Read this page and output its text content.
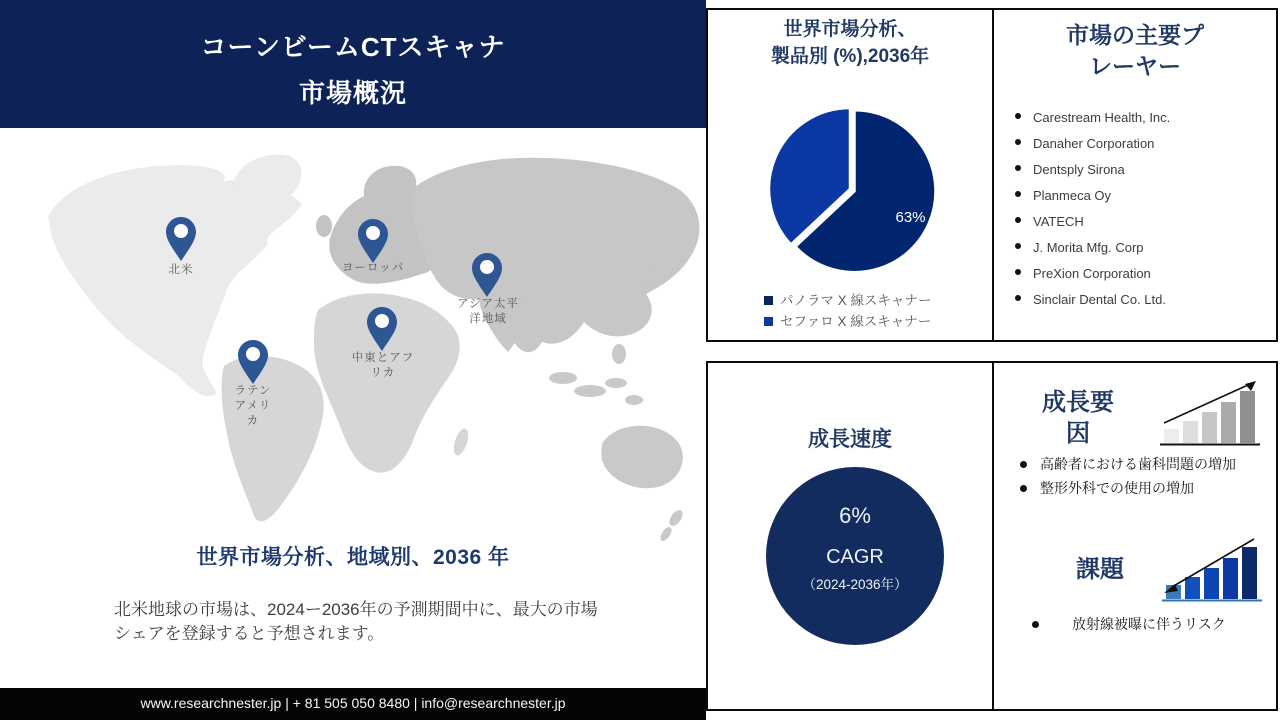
コーンビームCTスキャナ
市場概況
北米	ヨーロッパ
アジア太平洋地域
中東とアフリカ
ラテンアメリカ
世界市場分析、地域別、2036 年
北米地球の市場は、2024ー2036年の予測期間中に、最大の市場
シェアを登録すると予想されます。
www.researchnester.jp | + 81 505 050 8480 | info@researchnester.jp
世界市場分析、
製品別 (%),2036年
63%
パノラマ X 線スキャナー
セファロ X 線スキャナー
市場の主要プ
レーヤー
Carestream Health, Inc.
Danaher Corporation
Dentsply Sirona
Planmeca Oy
VATECH
J. Morita Mfg. Corp
PreXion Corporation
Sinclair Dental Co. Ltd.
成長速度
6%
CAGR
（2024-2036年）
成長要
因
高齢者における歯科問題の増加
整形外科での使用の増加
課題
放射線被曝に伴うリスク
